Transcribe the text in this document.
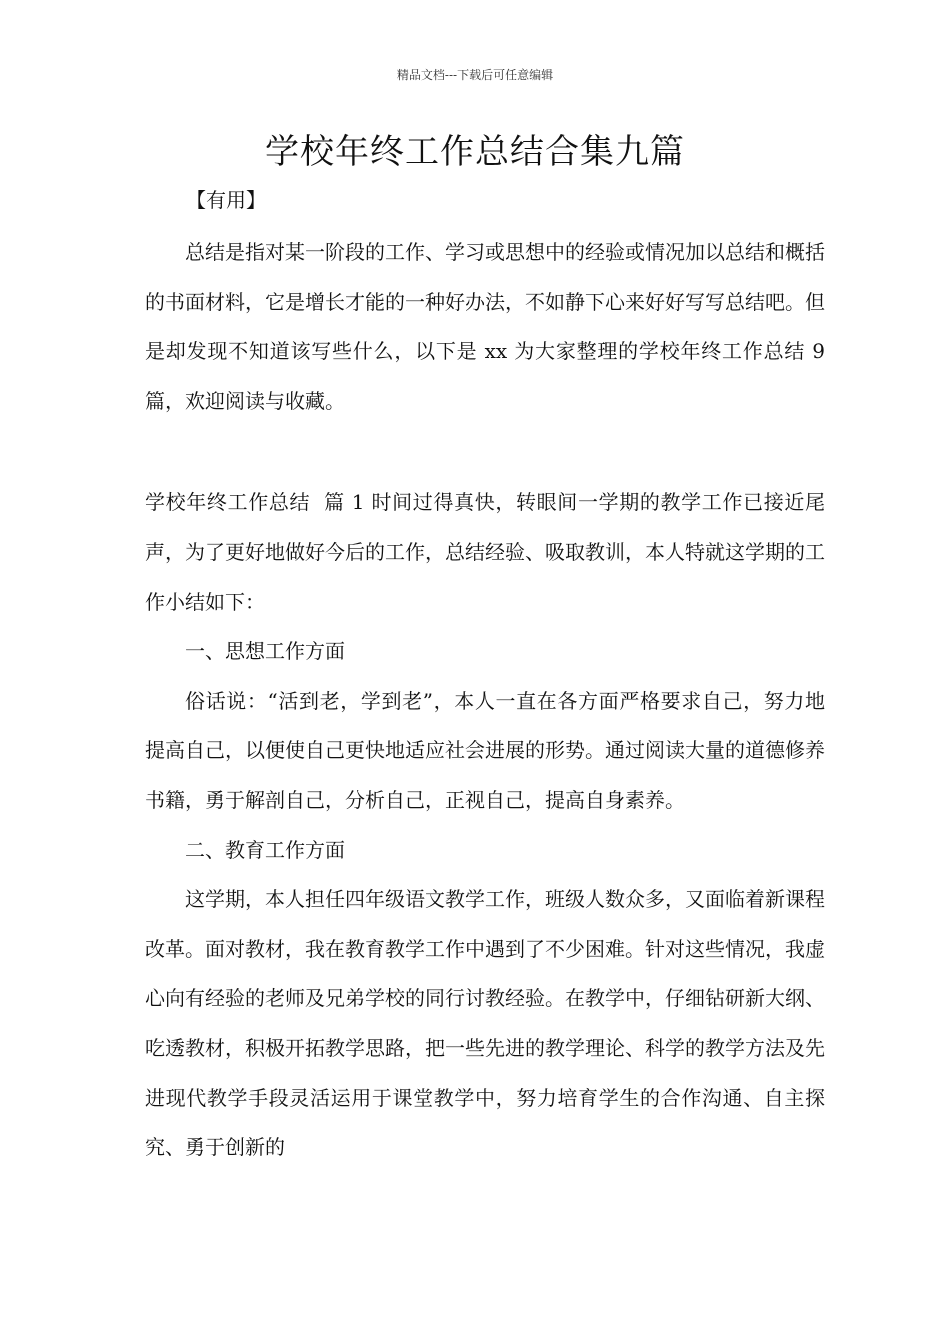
精品文档---下载后可任意编辑
学校年终工作总结合集九篇
【有用】

总结是指对某一阶段的工作、学习或思想中的经验或情况加以总结和概括的书面材料，它是增长才能的一种好办法，不如静下心来好好写写总结吧。但是却发现不知道该写些什么，以下是 xx 为大家整理的学校年终工作总结 9 篇，欢迎阅读与收藏。

学校年终工作总结  篇 1 时间过得真快，转眼间一学期的教学工作已接近尾声，为了更好地做好今后的工作，总结经验、吸取教训，本人特就这学期的工作小结如下：

一、思想工作方面

俗话说：“活到老，学到老”，本人一直在各方面严格要求自己，努力地提高自己，以便使自己更快地适应社会进展的形势。通过阅读大量的道德修养书籍，勇于解剖自己，分析自己，正视自己，提高自身素养。

二、教育工作方面

这学期，本人担任四年级语文教学工作，班级人数众多，又面临着新课程改革。面对教材，我在教育教学工作中遇到了不少困难。针对这些情况，我虚心向有经验的老师及兄弟学校的同行讨教经验。在教学中，仔细钻研新大纲、吃透教材，积极开拓教学思路，把一些先进的教学理论、科学的教学方法及先进现代教学手段灵活运用于课堂教学中，努力培育学生的合作沟通、自主探究、勇于创新的
